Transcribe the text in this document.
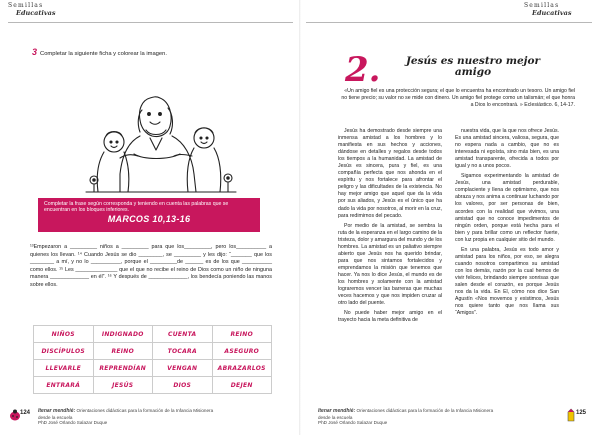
Semillas
Educativas
3 Completar la siguiente ficha y colorear la imagen.
Completar la frase según corresponda y teniendo en cuenta las palabras que se encuentran en los bloques inferiores.
MARCOS 10,13-16
¹³Empezaron a _________ niños a _________ para que los_________, pero los__________ a quienes los llevan. ¹⁴ Cuando Jesús se dio ________, se _________ y les dijo: “_______ que los ________ a mí, y no lo __________, porque el _________de ______ es de los que __________ como ellos. ¹⁵ Les ______________ que el que no recibe el reino de Dios como un niño de ninguna manera _____________ en él”. ¹⁶ Y después de _____________, los bendecía poniendo las manos sobre ellos.
NIÑOS	INDIGNADO	CUENTA	REINO
DISCÍPULOS	REINO	TOCARA	ASEGURO
LLEVARLE	REPRENDÍAN	VENGAN	ABRAZARLOS
ENTRARÁ	JESÚS	DIOS	DEJEN
124 Itenar mendhié: Orientaciones didácticas para la formación de la Infancia Misionera
desde la escuela
PhD José Orlando Salazar Duque
Semillas
Educativas
2.	Jesús es nuestro mejor amigo
«Un amigo fiel es una protección segura; el que lo encuentra ha encontrado un tesoro. Un amigo fiel no tiene precio; su valor no se mide con dinero. Un amigo fiel protege como un talismán; el que honra a Dios lo encontrará. » Eclesiástico. 6, 14-17.

Jesús ha demostrado desde siempre una inmensa amistad a los hombres y lo manifiesta en sus hechos y acciones, dándose en detalles y regalos desde todos los tiempos a la humanidad. La amistad de Jesús es sincera, pura y fiel, es una compañía perfecta que nos ahonda en el espíritu y nos fortalece para afrontar el peligro y las dificultades de la existencia. No hay mejor amigo que aquel que da la vida por sus aliados, y Jesús es el único que ha dado la vida por nosotros, al morir en la cruz, para redimirnos del pecado.

Por medio de la amistad, se sembra la ruta de la esperanza en el largo camino de la tristeza, dolor y amargura del mundo y de los hombres. La amistad es un paliativo siempre abierto que Jesús nos ha querido brindar, para que nos sintamos fortalecidos y emprendamos la misión que tenemos que hacer. Ya nos lo dice Jesús, el mundo es de los hombres y solamente con la amistad lograremos vencer las barreras que muchas veces hacemos y que nos impiden cruzar al otro lado del puente.

No puede haber mejor amigo en el trayecto hacia la meta definitiva de

nuestra vida, que la que nos ofrece Jesús. Es una amistad sincera, valiosa, segura, que no espera nada a cambio, que no es interesada ni egoísta, sino más bien, es una amistad transparente, ofrecida a todos por igual y no a unos pocos.

Sigamos experimentando la amistad de Jesús, una amistad perdurable, complaciente y llena de optimismo, que nos abraza y nos anima a continuar luchando por los valores, por ser personas de bien, acordes con la realidad que vivimos, una amistad que no conoce impedimentos de ningún orden, porque está hecha para el bien y para brillar como un reflector fuerte, con luz propia en cualquier sitio del mundo.

En una palabra, Jesús es todo amor y amistad para los niños, por eso, se alegra cuando nosotros compartimos su amistad con los demás, razón por la cual hemos de vivir felices, brindando siempre sonrisas que salen desde el corazón, es porque Jesús nos da la vida. En El, cómo nos dice San Agustín «Nos movemos y existimos, Jesús nos quiere tanto que nos llama sus “Amigos”.

Itenar mendhié: Orientaciones didácticas para la formación de la Infancia Misionera
desde la escuela
PhD José Orlando Salazar Duque
125
